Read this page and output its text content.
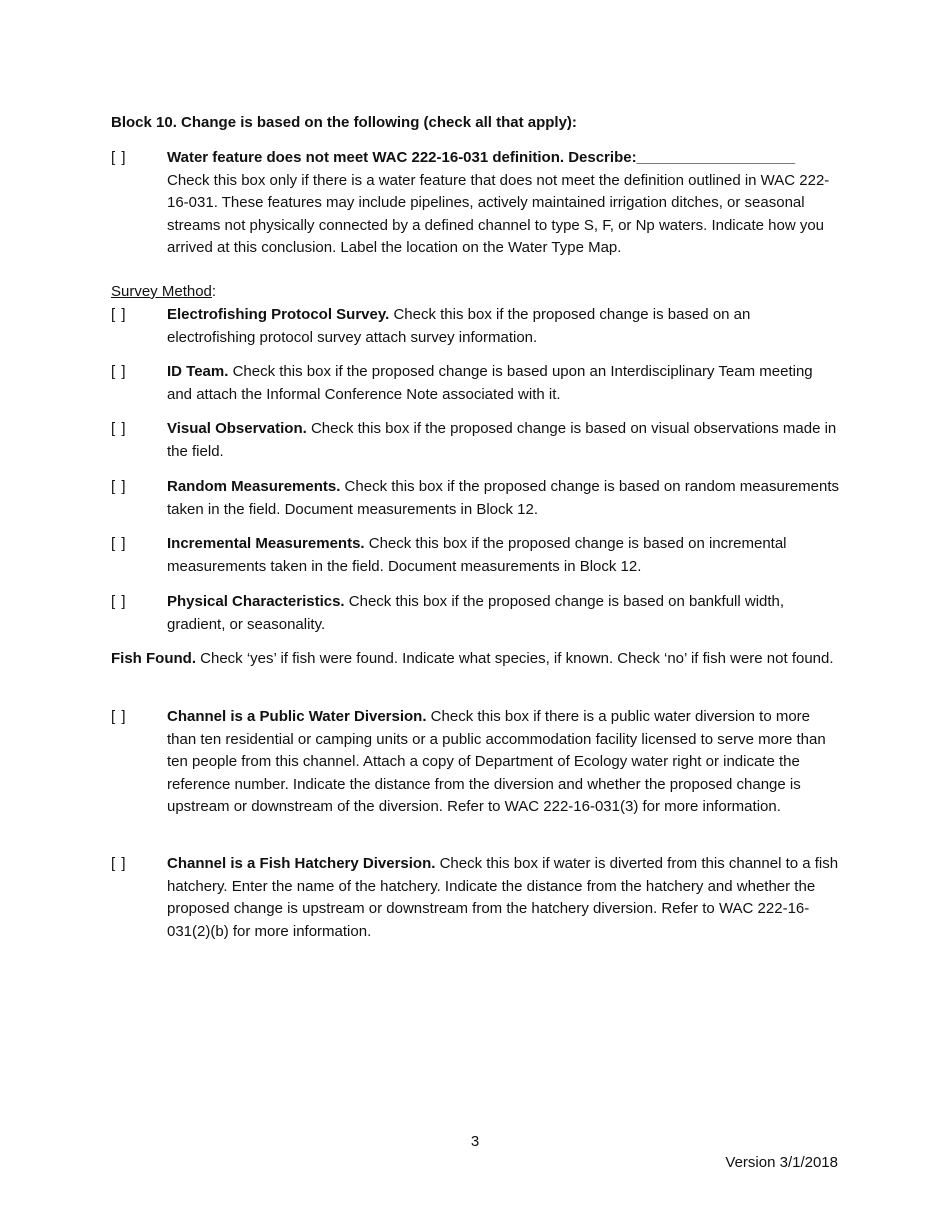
Block 10. Change is based on the following (check all that apply):
[ ]	Water feature does not meet WAC 222-16-031 definition. Describe:___________________
Check this box only if there is a water feature that does not meet the definition outlined in WAC 222-16-031. These features may include pipelines, actively maintained irrigation ditches, or seasonal streams not physically connected by a defined channel to type S, F, or Np waters. Indicate how you arrived at this conclusion. Label the location on the Water Type Map.
Survey Method:
[ ]	Electrofishing Protocol Survey. Check this box if the proposed change is based on an electrofishing protocol survey attach survey information.
[ ]	ID Team. Check this box if the proposed change is based upon an Interdisciplinary Team meeting and attach the Informal Conference Note associated with it.
[ ]	Visual Observation. Check this box if the proposed change is based on visual observations made in the field.
[ ]	Random Measurements. Check this box if the proposed change is based on random measurements taken in the field. Document measurements in Block 12.
[ ]	Incremental Measurements. Check this box if the proposed change is based on incremental measurements taken in the field. Document measurements in Block 12.
[ ]	Physical Characteristics. Check this box if the proposed change is based on bankfull width, gradient, or seasonality.
Fish Found. Check ‘yes’ if fish were found. Indicate what species, if known. Check ‘no’ if fish were not found.
[ ]	Channel is a Public Water Diversion. Check this box if there is a public water diversion to more than ten residential or camping units or a public accommodation facility licensed to serve more than ten people from this channel. Attach a copy of Department of Ecology water right or indicate the reference number. Indicate the distance from the diversion and whether the proposed change is upstream or downstream of the diversion. Refer to WAC 222-16-031(3) for more information.
[ ]	Channel is a Fish Hatchery Diversion. Check this box if water is diverted from this channel to a fish hatchery. Enter the name of the hatchery. Indicate the distance from the hatchery and whether the proposed change is upstream or downstream from the hatchery diversion. Refer to WAC 222-16-031(2)(b) for more information.
3
Version 3/1/2018
